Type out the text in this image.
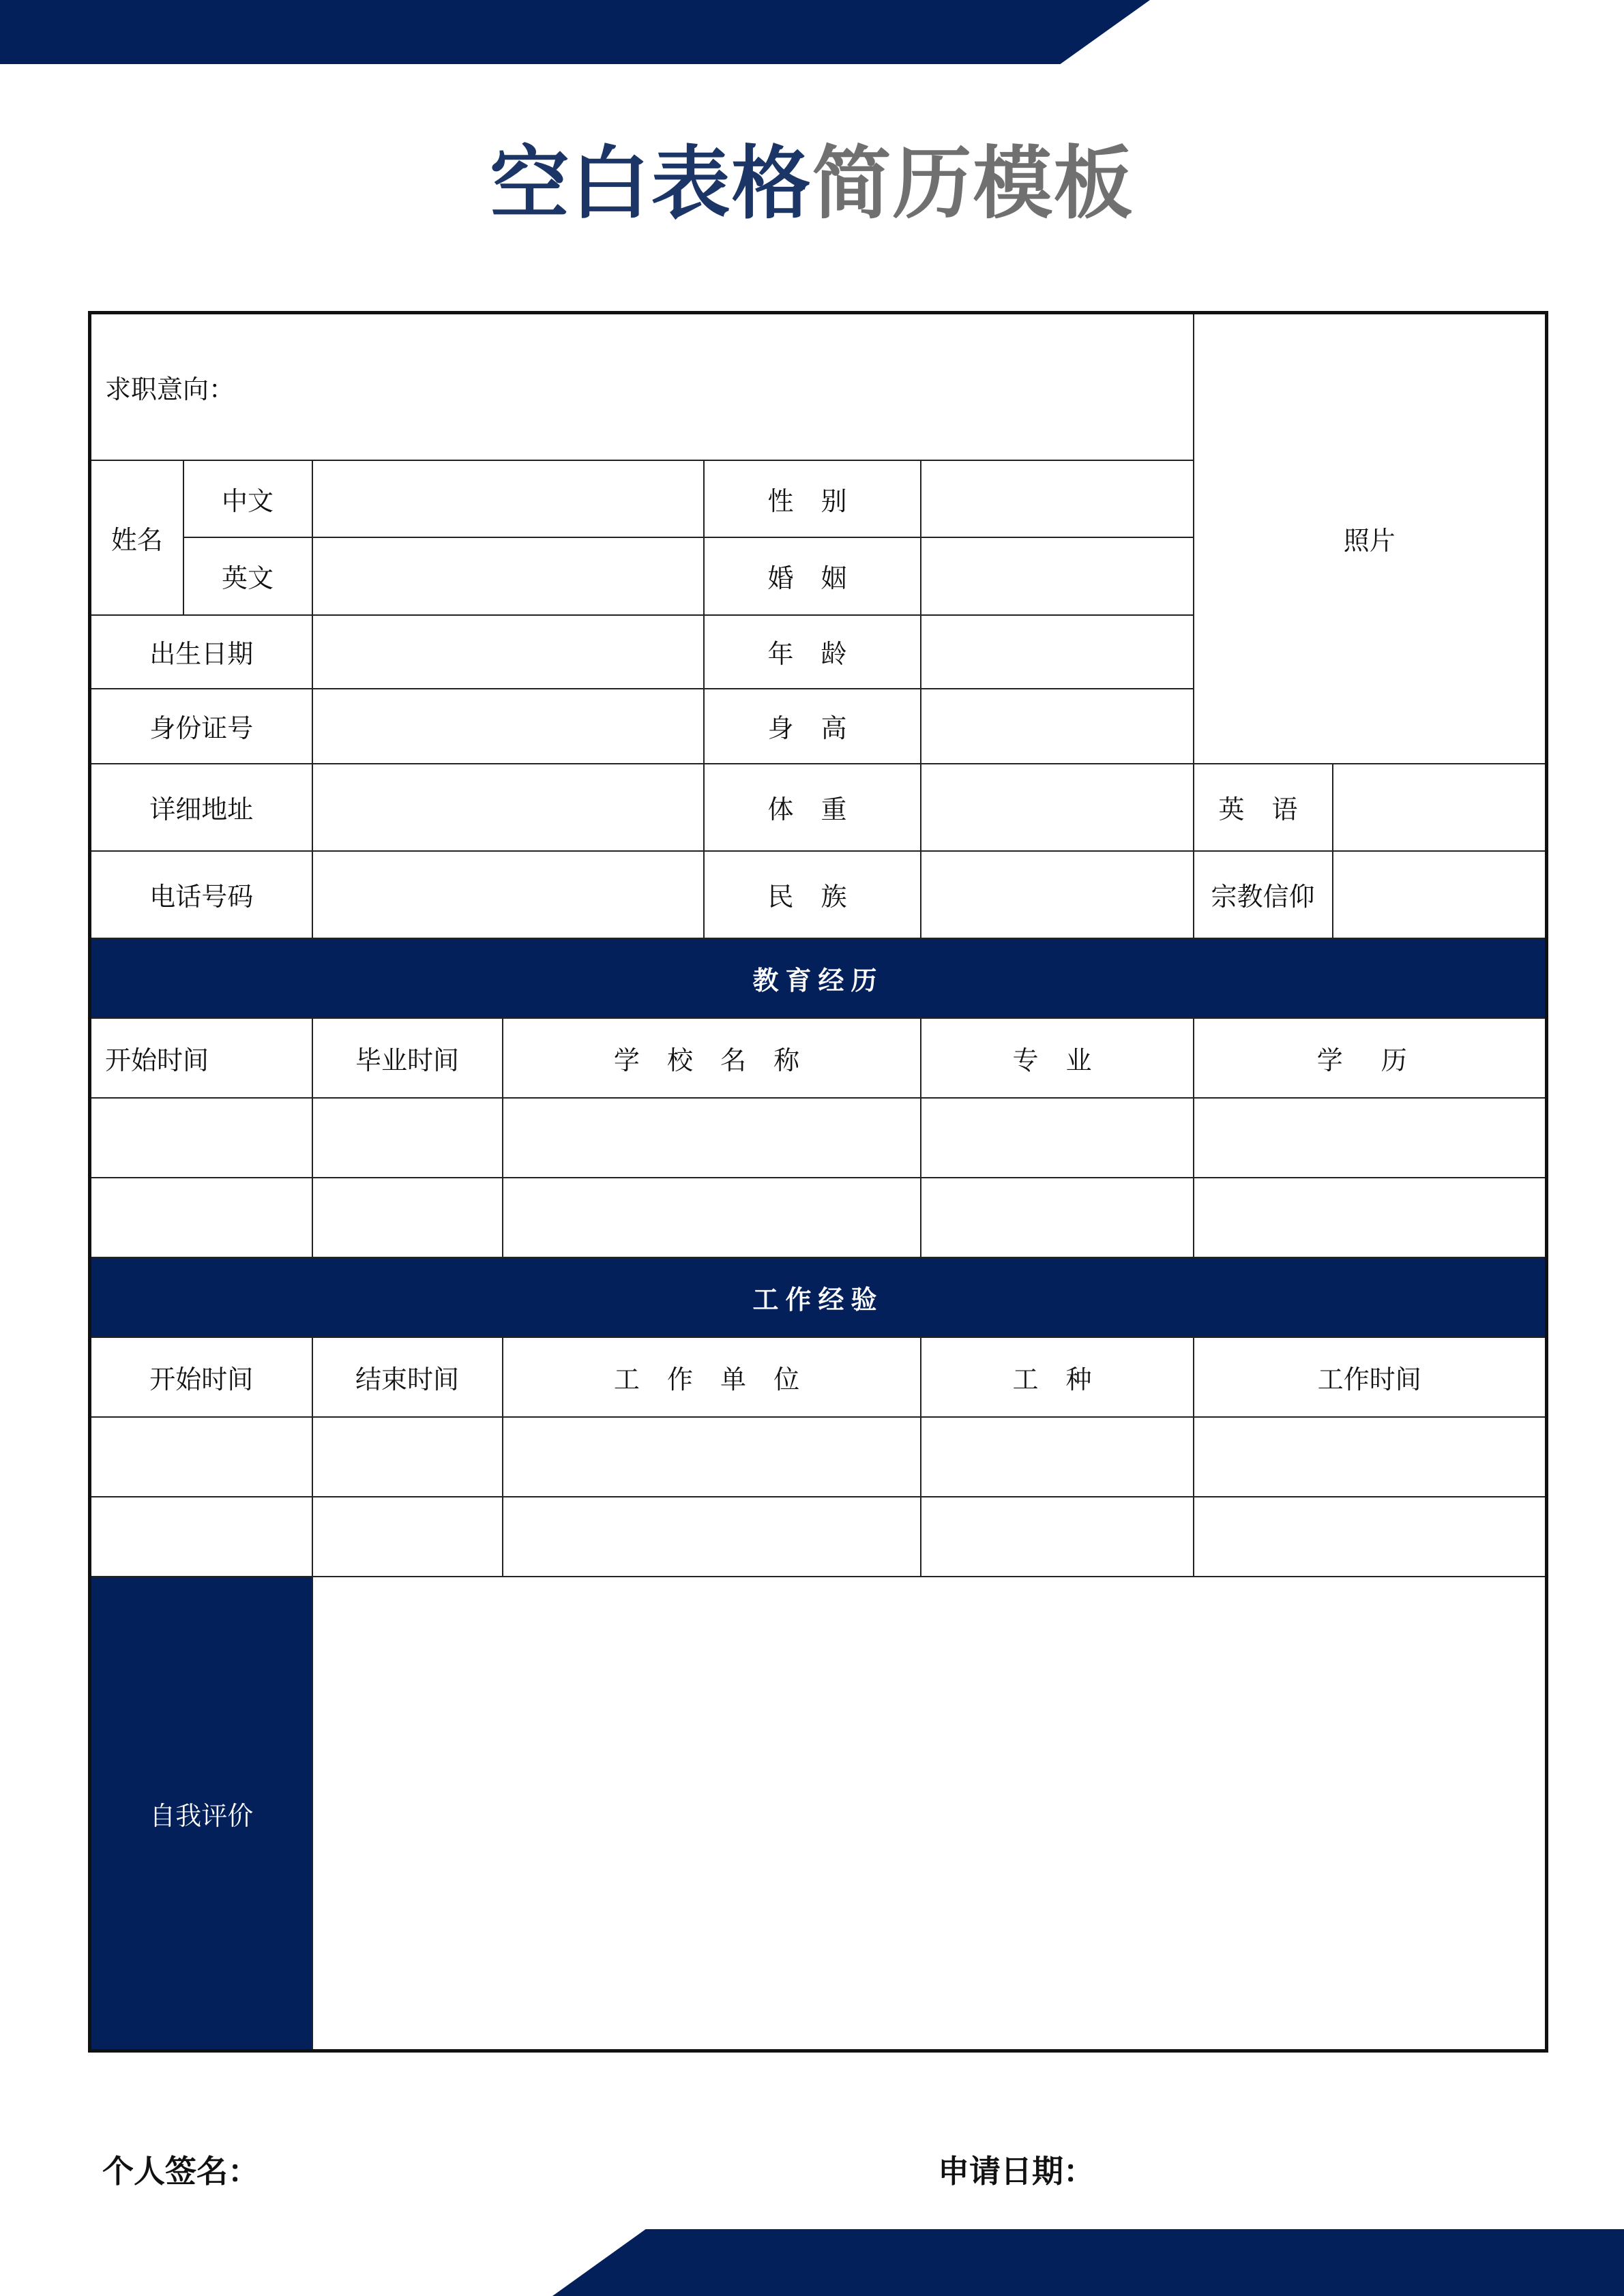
空白表格简历模板
求职意向：						照片	
姓名	中文			性 别			
	英文			婚 姻			
出生日期				年 龄			
身份证号				身 高			
详细地址				体 重		英 语	
电话号码				民 族		宗教信仰	
教育经历							
开始时间		毕业时间	学 校 名 称		专 业	学 历	

工作经验							
开始时间		结束时间	工 作 单 位		工 种	工作时间	

自我评价							
个人签名：	申请日期：
